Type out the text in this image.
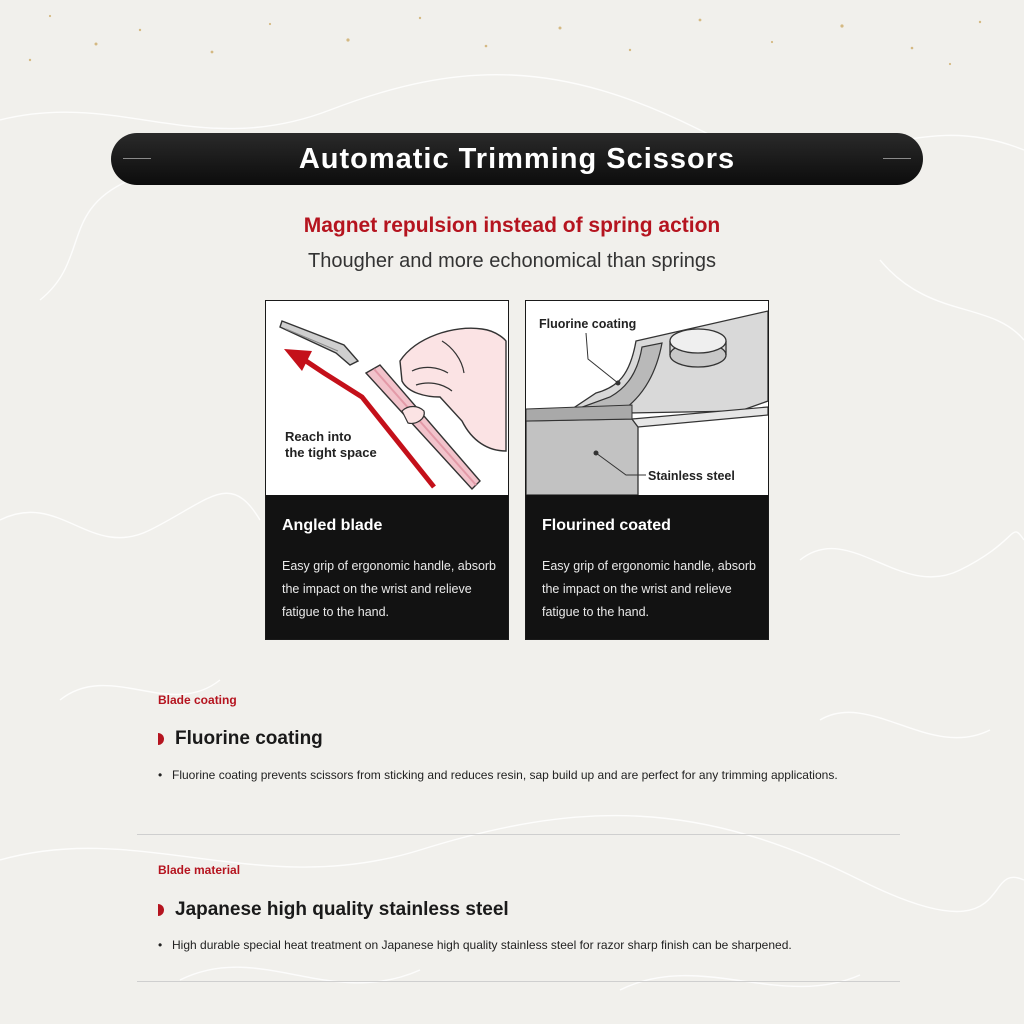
Automatic Trimming Scissors
Magnet repulsion instead of spring action
Thougher and more echonomical than springs
Reach into
the tight space
Angled blade
Easy grip of ergonomic handle, absorb the impact on the wrist and relieve fatigue to the hand.
Fluorine coating
Stainless steel
Flourined coated
Easy grip of ergonomic handle, absorb the impact on the wrist and relieve fatigue to the hand.
Blade coating
Fluorine coating
• Fluorine coating prevents scissors from sticking and reduces resin, sap build up and are perfect for any trimming applications.
Blade material
Japanese high quality stainless steel
• High durable special heat treatment on Japanese high quality stainless steel for razor sharp finish can be sharpened.
